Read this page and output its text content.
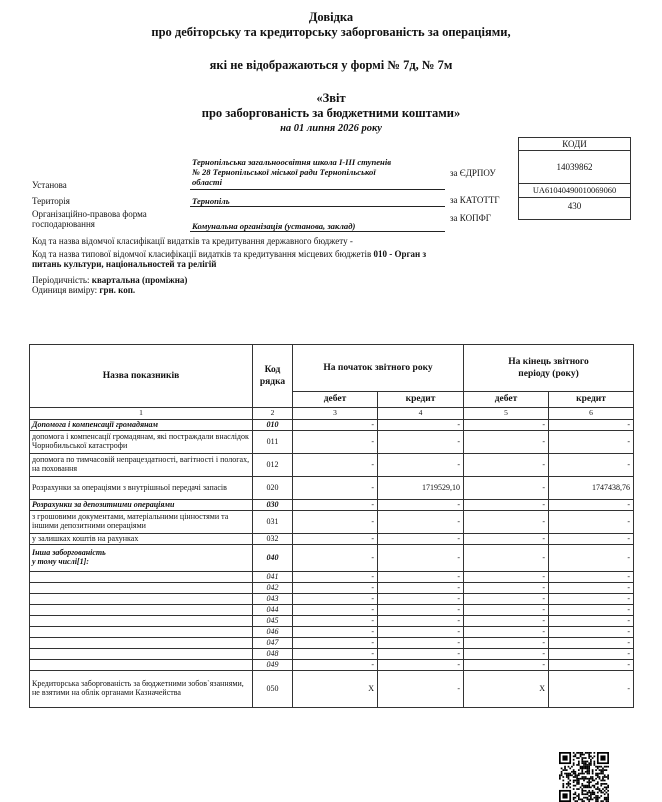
Довідка
про дебіторську та кредиторську заборгованість за операціями,
які не відображаються у формі № 7д, № 7м
«Звіт
про заборгованість за бюджетними коштами»
на 01 липня 2026 року
КОДИ
14039862
UA61040490010069060
430
за ЄДРПОУ
за КАТОТТГ
за КОПФГ
Тернопільська загальноосвітня школа І-ІІІ ступенів
№ 28 Тернопільської міської ради Тернопільської
області
Установа
Територія	Тернопіль
Організаційно-правова форма
господарювання	Комунальна організація (установа, заклад)
Код та назва відомчої класифікації видатків та кредитування державного бюджету -
Код та назва типової відомчої класифікації видатків та кредитування місцевих бюджетів 010 - Орган з
питань культури, національностей та релігій
Періодичність: квартальна (проміжна)
Одиниця виміру: грн. коп.
Назва показників	Код
рядка	На початок звітного року		На кінець звітного
періоду (року)	
		дебет	кредит	дебет	кредит
1	2	3	4	5	6
Допомога і компенсації громадянам	010	-	-	-	-
допомога і компенсації громадянам, які постраждали внаслідок Чорнобильської катастрофи	011	-	-	-	-
допомога по тимчасовій непрацездатності, вагітності і пологах, на поховання	012	-	-	-	-
Розрахунки за операціями з внутрішньої передачі запасів	020	-	1719529,10	-	1747438,76
Розрахунки за депозитними операціями	030	-	-	-	-
з грошовими документами, матеріальними цінностями та іншими депозитними операціями	031	-	-	-	-
у залишках коштів на рахунках	032	-	-	-	-
Інша заборгованість
у тому числі[1]:	040	-	-	-	-
	041	-	-	-	-
	042	-	-	-	-
	043	-	-	-	-
	044	-	-	-	-
	045	-	-	-	-
	046	-	-	-	-
	047	-	-	-	-
	048	-	-	-	-
	049	-	-	-	-
Кредиторська заборгованість за бюджетними зобов`язаннями, не взятими на облік органами Казначейства	050	X	-	X	-
